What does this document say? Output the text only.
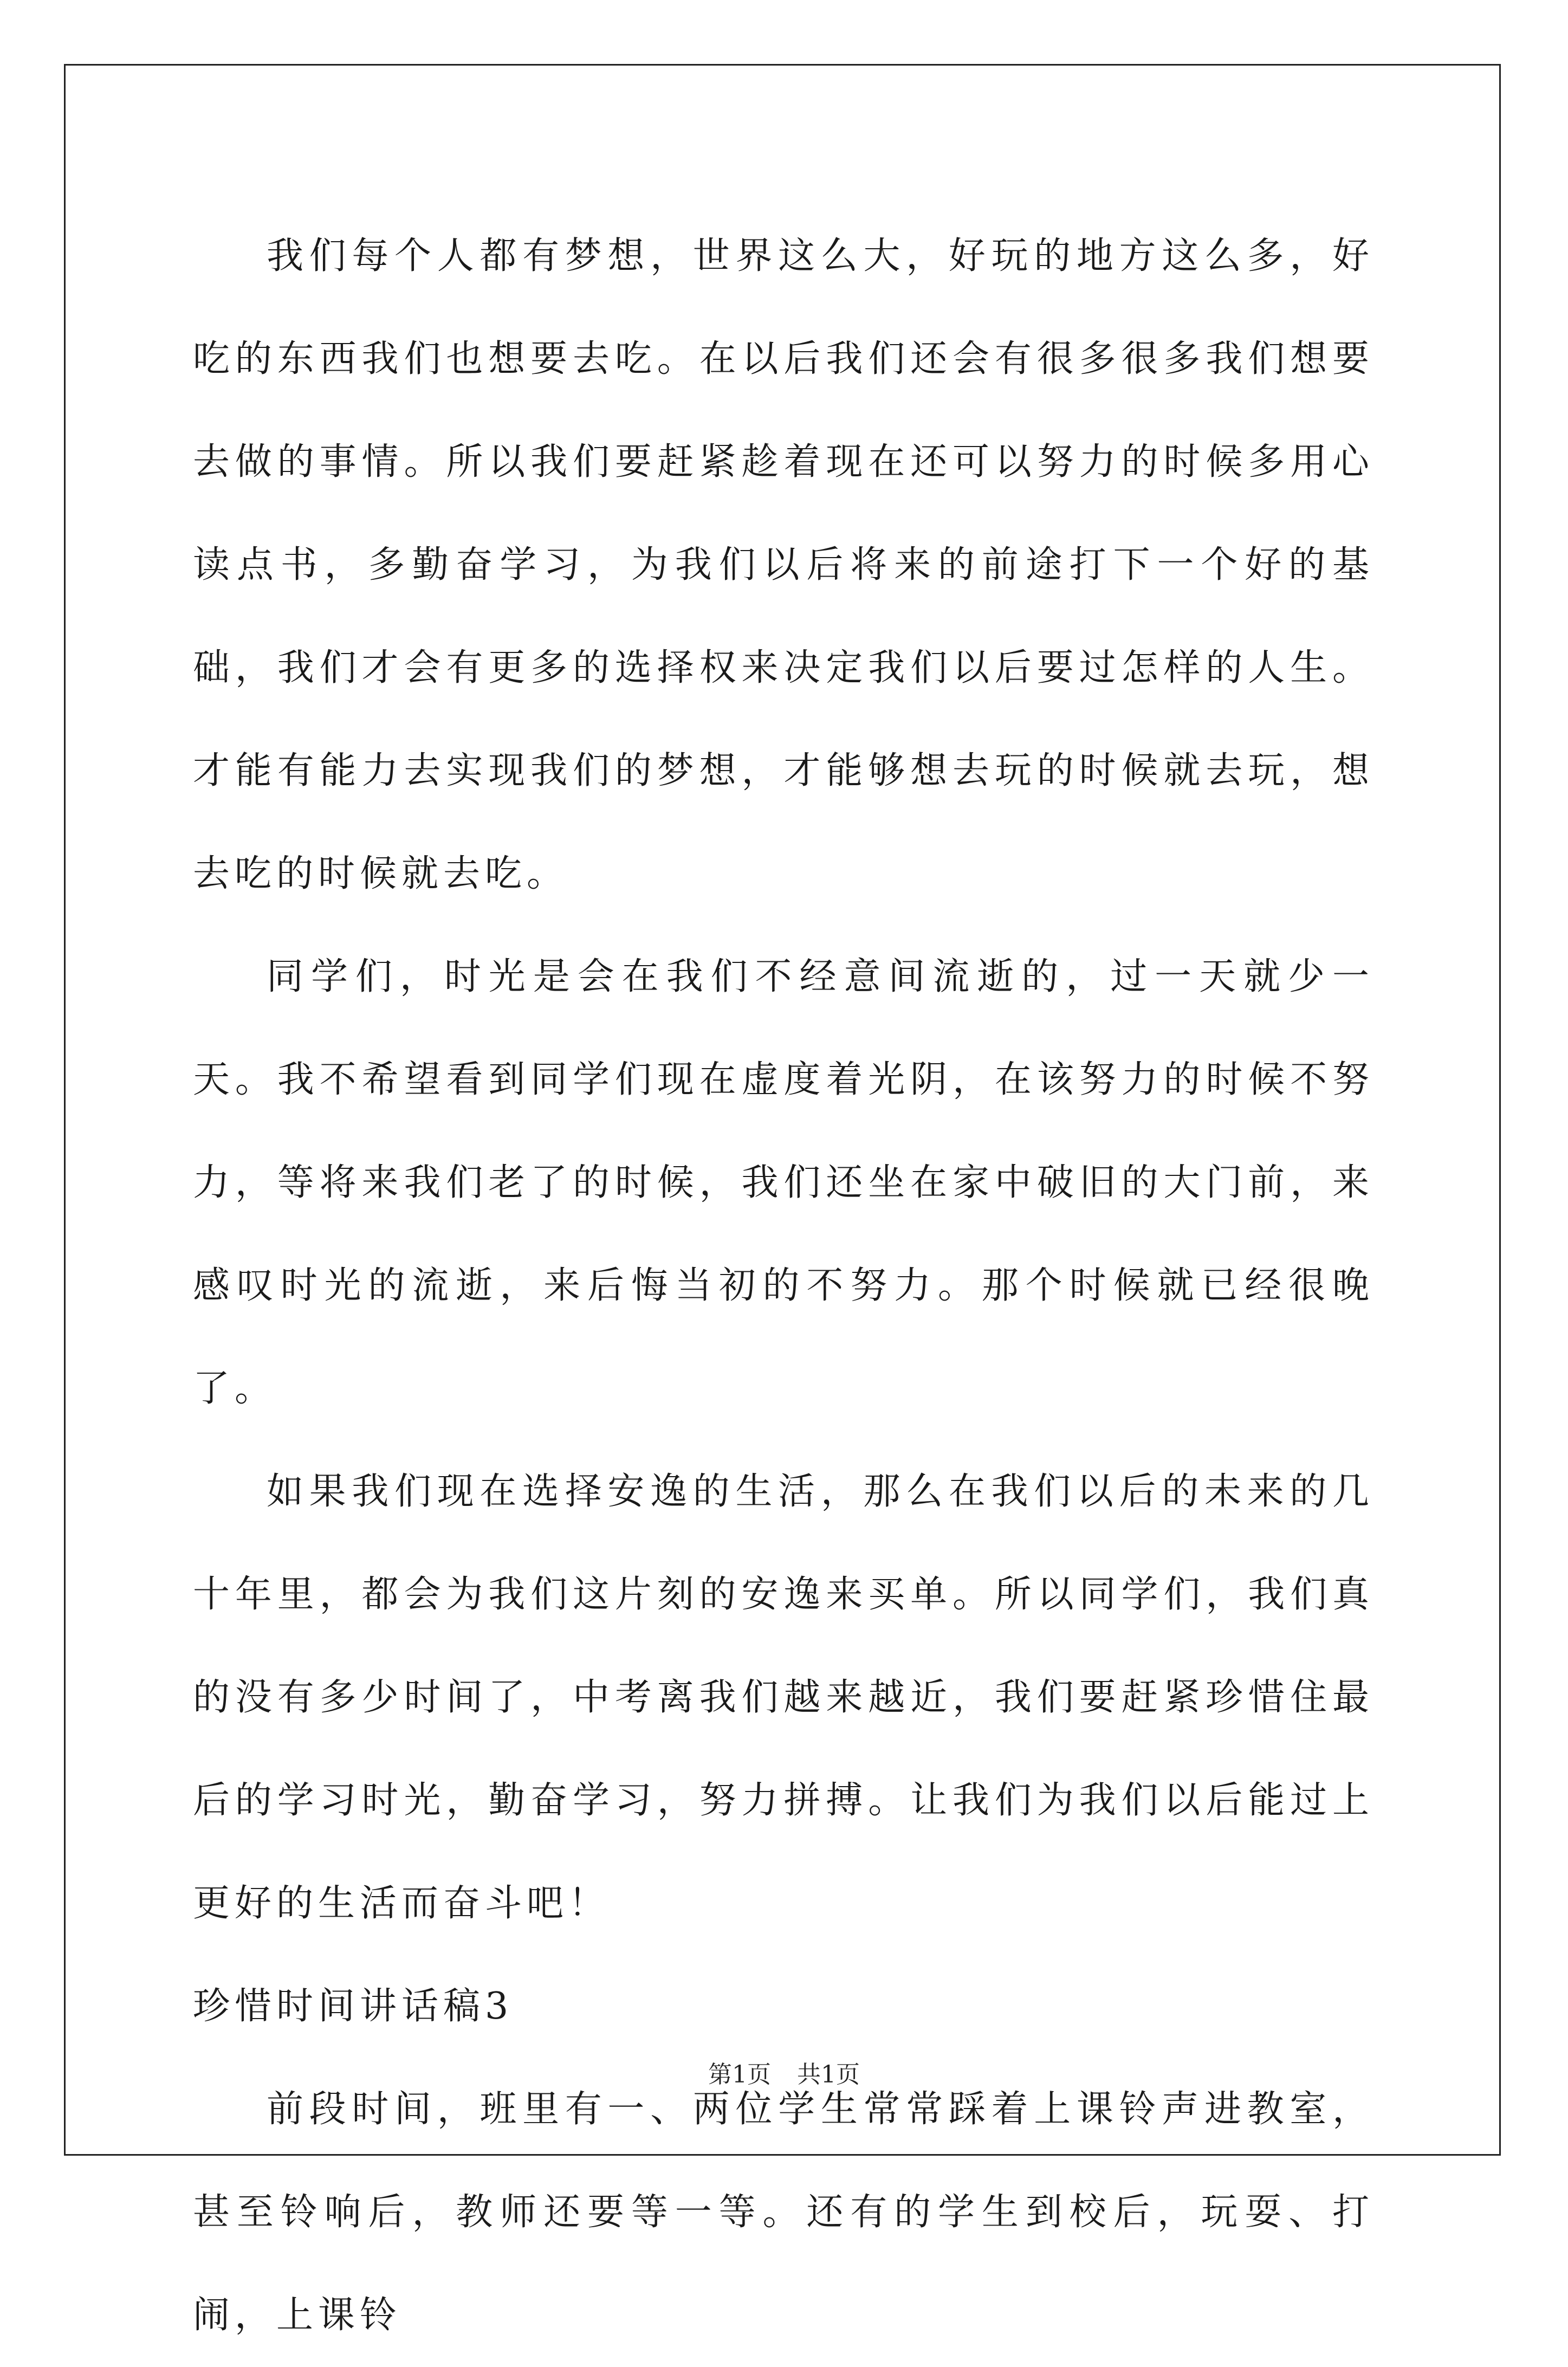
我们每个人都有梦想，世界这么大，好玩的地方这么多，好吃的东西我们也想要去吃。在以后我们还会有很多很多我们想要去做的事情。所以我们要赶紧趁着现在还可以努力的时候多用心读点书，多勤奋学习，为我们以后将来的前途打下一个好的基础，我们才会有更多的选择权来决定我们以后要过怎样的人生。才能有能力去实现我们的梦想，才能够想去玩的时候就去玩，想去吃的时候就去吃。

同学们，时光是会在我们不经意间流逝的，过一天就少一天。我不希望看到同学们现在虚度着光阴，在该努力的时候不努力，等将来我们老了的时候，我们还坐在家中破旧的大门前，来感叹时光的流逝，来后悔当初的不努力。那个时候就已经很晚了。

如果我们现在选择安逸的生活，那么在我们以后的未来的几十年里，都会为我们这片刻的安逸来买单。所以同学们，我们真的没有多少时间了，中考离我们越来越近，我们要赶紧珍惜住最后的学习时光，勤奋学习，努力拼搏。让我们为我们以后能过上更好的生活而奋斗吧！

珍惜时间讲话稿3

前段时间，班里有一、两位学生常常踩着上课铃声进教室，甚至铃响后，教师还要等一等。还有的学生到校后，玩耍、打闹，上课铃

第1页 共1页
